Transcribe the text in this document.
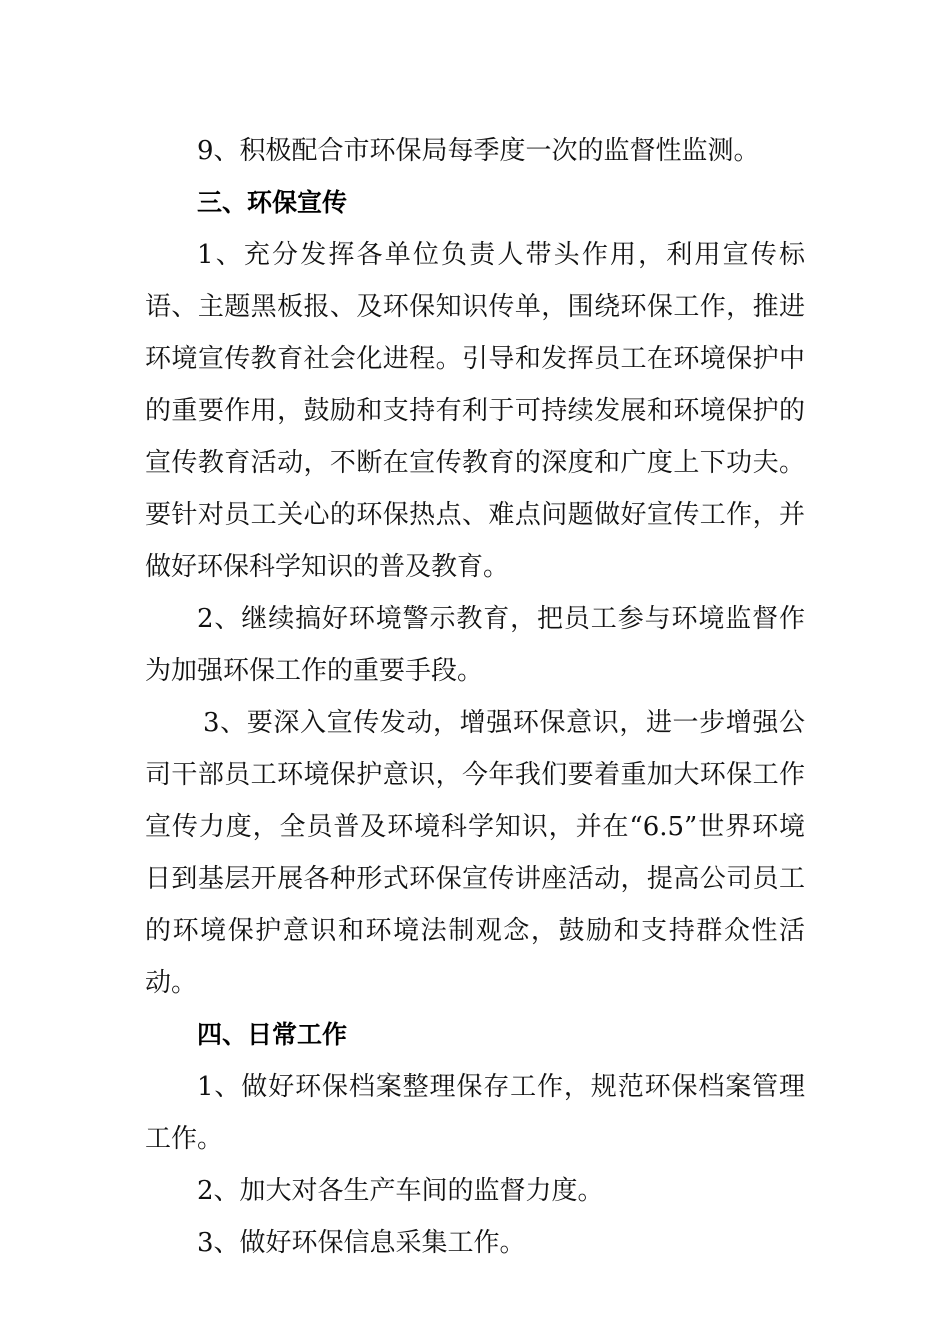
9、积极配合市环保局每季度一次的监督性监测。

三、环保宣传

1、充分发挥各单位负责人带头作用，利用宣传标语、主题黑板报、及环保知识传单，围绕环保工作，推进环境宣传教育社会化进程。引导和发挥员工在环境保护中的重要作用，鼓励和支持有利于可持续发展和环境保护的宣传教育活动，不断在宣传教育的深度和广度上下功夫。要针对员工关心的环保热点、难点问题做好宣传工作，并做好环保科学知识的普及教育。

2、继续搞好环境警示教育，把员工参与环境监督作为加强环保工作的重要手段。

3、要深入宣传发动，增强环保意识，进一步增强公司干部员工环境保护意识，今年我们要着重加大环保工作宣传力度，全员普及环境科学知识，并在“6.5”世界环境日到基层开展各种形式环保宣传讲座活动，提高公司员工的环境保护意识和环境法制观念，鼓励和支持群众性活动。

四、日常工作

1、做好环保档案整理保存工作，规范环保档案管理工作。

2、加大对各生产车间的监督力度。

3、做好环保信息采集工作。
